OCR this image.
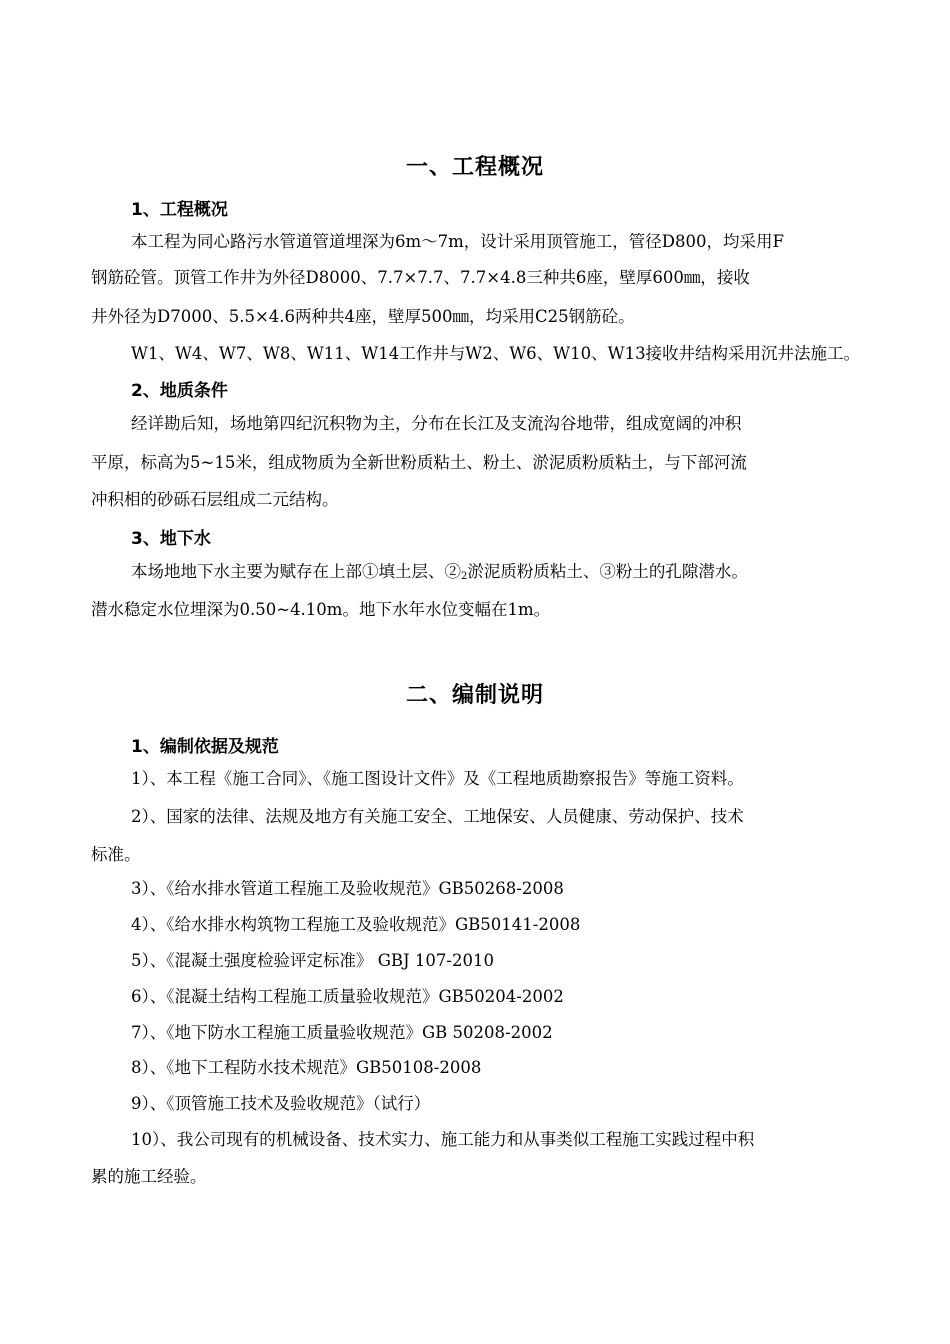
一、工程概况
1、工程概况
本工程为同心路污水管道管道埋深为6m～7m，设计采用顶管施工，管径D800，均采用F
钢筋砼管。顶管工作井为外径D8000、7.7×7.7、7.7×4.8三种共6座，壁厚600㎜，接收
井外径为D7000、5.5×4.6两种共4座，壁厚500㎜，均采用C25钢筋砼。
W1、W4、W7、W8、W11、W14工作井与W2、W6、W10、W13接收井结构采用沉井法施工。
2、地质条件
经详勘后知，场地第四纪沉积物为主，分布在长江及支流沟谷地带，组成宽阔的冲积
平原，标高为5~15米，组成物质为全新世粉质粘土、粉土、淤泥质粉质粘土，与下部河流
冲积相的砂砾石层组成二元结构。
3、地下水
本场地地下水主要为赋存在上部①填土层、$②_2$淤泥质粉质粘土、③粉土的孔隙潜水。
潜水稳定水位埋深为0.50~4.10m。地下水年水位变幅在1m。
二、编制说明
1、编制依据及规范
1）、本工程《施工合同》、《施工图设计文件》及《工程地质勘察报告》等施工资料。
2）、国家的法律、法规及地方有关施工安全、工地保安、人员健康、劳动保护、技术
标准。
3）、《给水排水管道工程施工及验收规范》GB50268-2008
4）、《给水排水构筑物工程施工及验收规范》GB50141-2008
5）、《混凝土强度检验评定标准》 GBJ 107-2010
6）、《混凝土结构工程施工质量验收规范》GB50204-2002
7）、《地下防水工程施工质量验收规范》GB 50208-2002
8）、《地下工程防水技术规范》GB50108-2008
9）、《顶管施工技术及验收规范》（试行）
10）、我公司现有的机械设备、技术实力、施工能力和从事类似工程施工实践过程中积
累的施工经验。
